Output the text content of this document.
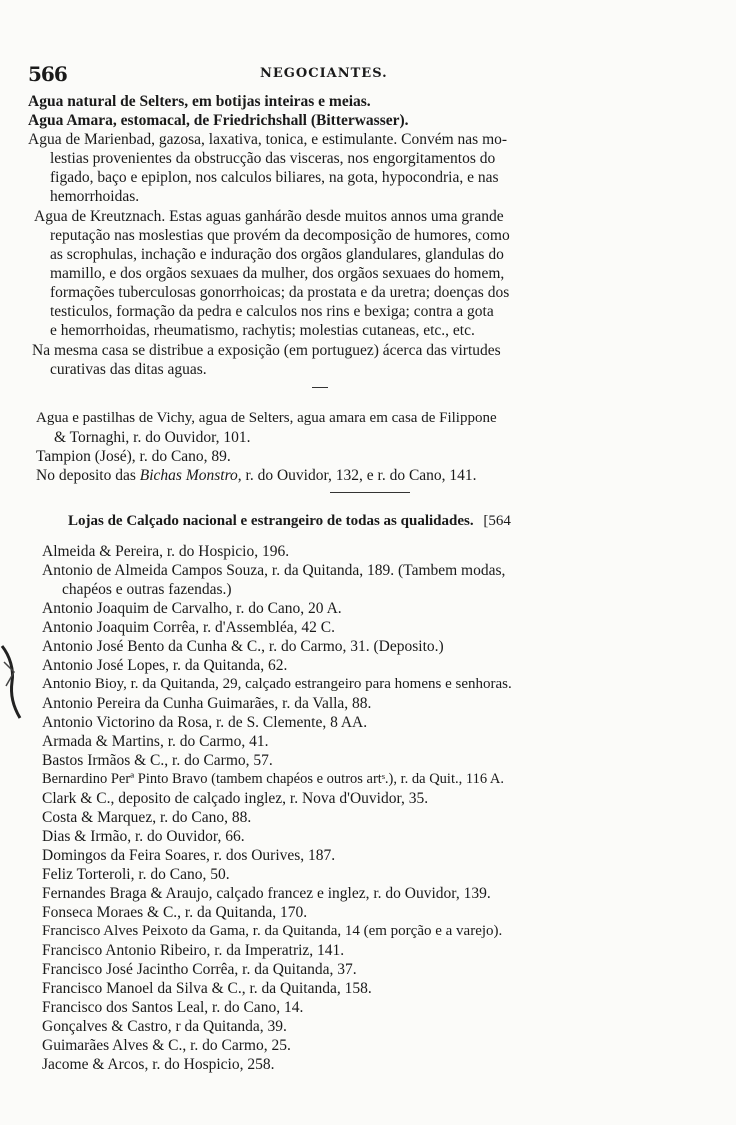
566	NEGOCIANTES.
Agua natural de Selters, em botijas inteiras e meias.
Agua Amara, estomacal, de Friedrichshall (Bitterwasser).
Agua de Marienbad, gazosa, laxativa, tonica, e estimulante. Convém nas mo-
lestias provenientes da obstrucção das visceras, nos engorgitamentos do
figado, baço e epiplon, nos calculos biliares, na gota, hypocondria, e nas
hemorrhoidas.
Agua de Kreutznach. Estas aguas ganhárão desde muitos annos uma grande
reputação nas moslestias que provém da decomposição de humores, como
as scrophulas, inchação e induração dos orgãos glandulares, glandulas do
mamillo, e dos orgãos sexuaes da mulher, dos orgãos sexuaes do homem,
formações tuberculosas gonorrhoicas; da prostata e da uretra; doenças dos
testiculos, formação da pedra e calculos nos rins e bexiga; contra a gota
e hemorrhoidas, rheumatismo, rachytis; molestias cutaneas, etc., etc.
Na mesma casa se distribue a exposição (em portuguez) ácerca das virtudes
curativas das ditas aguas.
Agua e pastilhas de Vichy, agua de Selters, agua amara em casa de Filippone
& Tornaghi, r. do Ouvidor, 101.
Tampion (José), r. do Cano, 89.
No deposito das Bichas Monstro, r. do Ouvidor, 132, e r. do Cano, 141.
Lojas de Calçado nacional e estrangeiro de todas as qualidades. [564
Almeida & Pereira, r. do Hospicio, 196.
Antonio de Almeida Campos Souza, r. da Quitanda, 189. (Tambem modas,
chapéos e outras fazendas.)
Antonio Joaquim de Carvalho, r. do Cano, 20 A.
Antonio Joaquim Corrêa, r. d'Assembléa, 42 C.
Antonio José Bento da Cunha & C., r. do Carmo, 31. (Deposito.)
Antonio José Lopes, r. da Quitanda, 62.
Antonio Bioy, r. da Quitanda, 29, calçado estrangeiro para homens e senhoras.
Antonio Pereira da Cunha Guimarães, r. da Valla, 88.
Antonio Victorino da Rosa, r. de S. Clemente, 8 AA.
Armada & Martins, r. do Carmo, 41.
Bastos Irmãos & C., r. do Carmo, 57.
Bernardino Perª Pinto Bravo (tambem chapéos e outros artˢ.), r. da Quit., 116 A.
Clark & C., deposito de calçado inglez, r. Nova d'Ouvidor, 35.
Costa & Marquez, r. do Cano, 88.
Dias & Irmão, r. do Ouvidor, 66.
Domingos da Feira Soares, r. dos Ourives, 187.
Feliz Torteroli, r. do Cano, 50.
Fernandes Braga & Araujo, calçado francez e inglez, r. do Ouvidor, 139.
Fonseca Moraes & C., r. da Quitanda, 170.
Francisco Alves Peixoto da Gama, r. da Quitanda, 14 (em porção e a varejo).
Francisco Antonio Ribeiro, r. da Imperatriz, 141.
Francisco José Jacintho Corrêa, r. da Quitanda, 37.
Francisco Manoel da Silva & C., r. da Quitanda, 158.
Francisco dos Santos Leal, r. do Cano, 14.
Gonçalves & Castro, r da Quitanda, 39.
Guimarães Alves & C., r. do Carmo, 25.
Jacome & Arcos, r. do Hospicio, 258.
